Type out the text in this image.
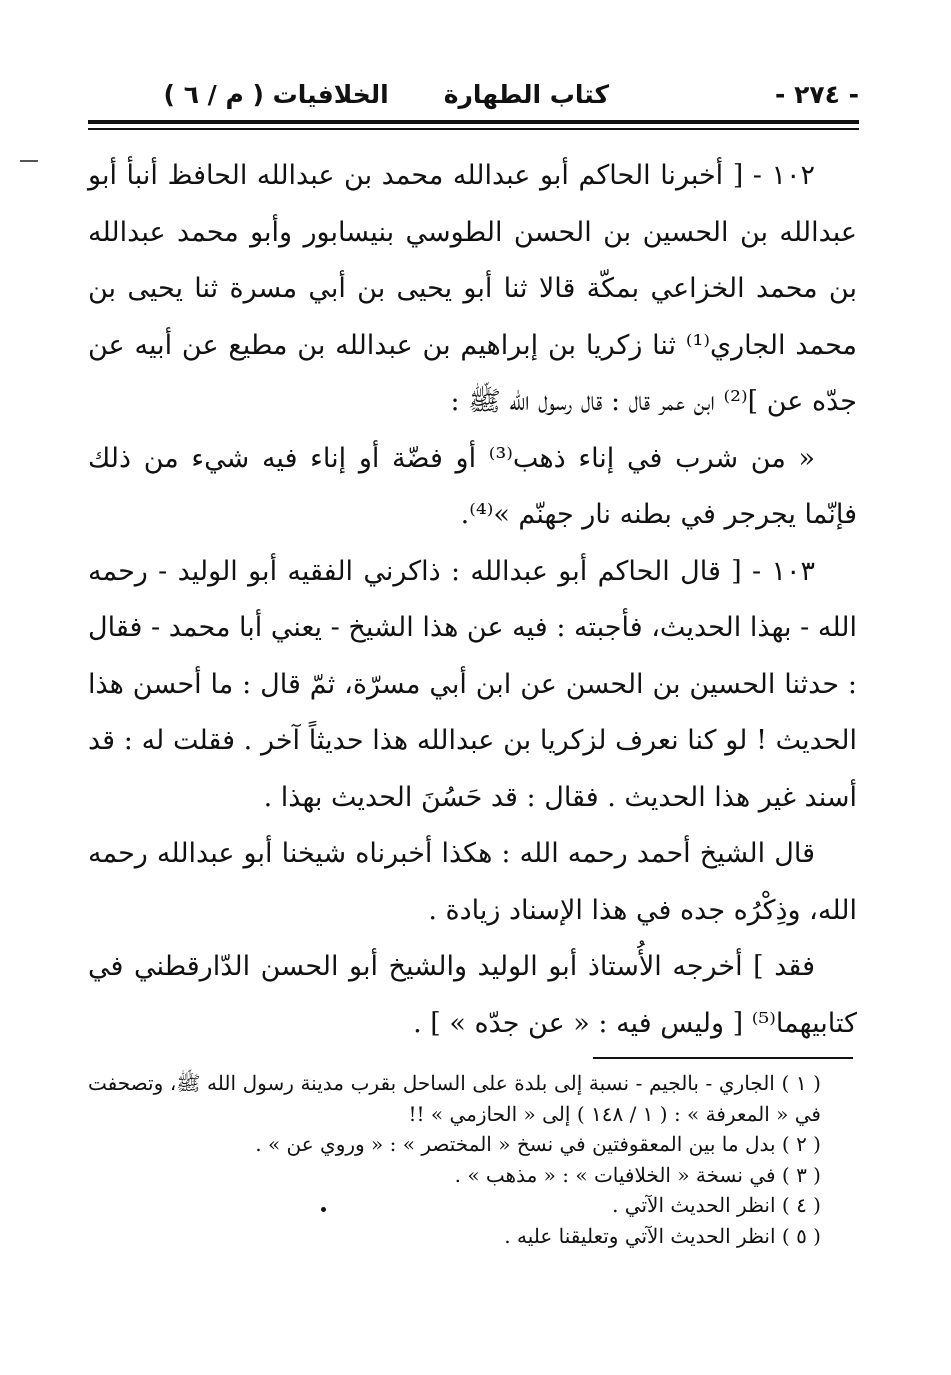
- ٢٧٤ -
كتاب الطهارة
الخلافيات ( م / ٦ )

١٠٢ - [ أخبرنا الحاكم أبو عبدالله محمد بن عبدالله الحافظ أنبأ أبو عبدالله بن الحسين بن الحسن الطوسي بنيسابور وأبو محمد عبدالله بن محمد الخزاعي بمكّة قالا ثنا أبو يحيى بن أبي مسرة ثنا يحيى بن محمد الجاري⁽¹⁾ ثنا زكريا بن إبراهيم بن عبدالله بن مطيع عن أبيه عن جدّه عن ]⁽²⁾ ابن عمر قال : قال رسول الله ﷺ :

« من شرب في إناء ذهب⁽³⁾ أو فضّة أو إناء فيه شيء من ذلك فإنّما يجرجر في بطنه نار جهنّم »⁽⁴⁾.

١٠٣ - [ قال الحاكم أبو عبدالله : ذاكرني الفقيه أبو الوليد - رحمه الله - بهذا الحديث، فأجبته : فيه عن هذا الشيخ - يعني أبا محمد - فقال : حدثنا الحسين بن الحسن عن ابن أبي مسرّة، ثمّ قال : ما أحسن هذا الحديث ! لو كنا نعرف لزكريا بن عبدالله هذا حديثاً آخر . فقلت له : قد أسند غير هذا الحديث . فقال : قد حَسُنَ الحديث بهذا .

قال الشيخ أحمد رحمه الله : هكذا أخبرناه شيخنا أبو عبدالله رحمه الله، وذِكْرُه جده في هذا الإسناد زيادة .

فقد ] أخرجه الأُستاذ أبو الوليد والشيخ أبو الحسن الدّارقطني في كتابيهما⁽⁵⁾ [ وليس فيه : « عن جدّه » ] .

( ١ ) الجاري - بالجيم - نسبة إلى بلدة على الساحل بقرب مدينة رسول الله ﷺ، وتصحفت في « المعرفة » : ( ١ / ١٤٨ ) إلى « الحازمي » !!

( ٢ ) بدل ما بين المعقوفتين في نسخ « المختصر » : « وروي عن » .

( ٣ ) في نسخة « الخلافيات » : « مذهب » .

( ٤ ) انظر الحديث الآتي .

( ٥ ) انظر الحديث الآتي وتعليقنا عليه .
